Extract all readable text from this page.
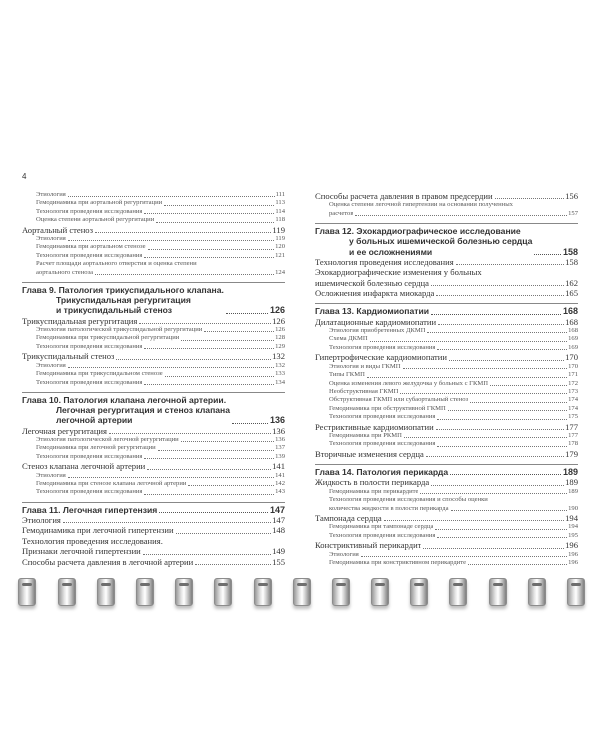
4
Этиология	111
Гемодинамика при аортальной регургитации	113
Технология проведения исследования	114
Оценка степени аортальной регургитации	118
Аортальный стеноз	119
Этиология	119
Гемодинамика при аортальном стенозе	120
Технология проведения исследования	121
Расчет площади аортального отверстия и оценка степени
аортального стеноза	124
Глава 9. Патология трикуспидального клапана.
Трикуспидальная регургитация
и трикуспидальный стеноз	126
Трикуспидальная регургитация	126
Этиология патологической трикуспидальной регургитации	126
Гемодинамика при трикуспидальной регургитации	128
Технология проведения исследования	129
Трикуспидальный стеноз	132
Этиология	132
Гемодинамика при трикуспидальном стенозе	133
Технология проведения исследования	134
Глава 10. Патология клапана легочной артерии.
Легочная регургитация и стеноз клапана
легочной артерии	136
Легочная регургитация	136
Этиология патологической легочной регургитации	136
Гемодинамика при легочной регургитации	137
Технология проведения исследования	139
Стеноз клапана легочной артерии	141
Этиология	141
Гемодинамика при стенозе клапана легочной артерии	142
Технология проведения исследования	143
Глава 11. Легочная гипертензия	147
Этиология	147
Гемодинамика при легочной гипертензии	148
Технология проведения исследования.
Признаки легочной гипертензии	149
Способы расчета давления в легочной артерии	155
Способы расчета давления в правом предсердии	156
Оценка степени легочной гипертензии на основании полученных
расчетов	157
Глава 12. Эхокардиографическое исследование
у больных ишемической болезнью сердца
и ее осложнениями	158
Технология проведения исследования	158
Эхокардиографические изменения у больных
ишемической болезнью сердца	162
Осложнения инфаркта миокарда	165
Глава 13. Кардиомиопатии	168
Дилатационные кардиомиопатии	168
Этиология приобретенных ДКМП	168
Схема ДКМП	169
Технология проведения исследования	169
Гипертрофические кардиомиопатии	170
Этиология и виды ГКМП	170
Типы ГКМП	171
Оценка изменения левого желудочка у больных с ГКМП	172
Необструктивная ГКМП	173
Обструктивная ГКМП или субаортальный стеноз	174
Гемодинамика при обструктивной ГКМП	174
Технология проведения исследования	175
Рестриктивные кардиомиопатии	177
Гемодинамика при РКМП	177
Технология проведения исследования	178
Вторичные изменения сердца	179
Глава 14. Патология перикарда	189
Жидкость в полости перикарда	189
Гемодинамика при перикардите	189
Технология проведения исследования и способы оценки
количества жидкости в полости перикарда	190
Тампонада сердца	194
Гемодинамика при тампонаде сердца	194
Технология проведения исследования	195
Констриктивный перикардит	196
Этиология	196
Гемодинамика при констриктивном перикардите	196
